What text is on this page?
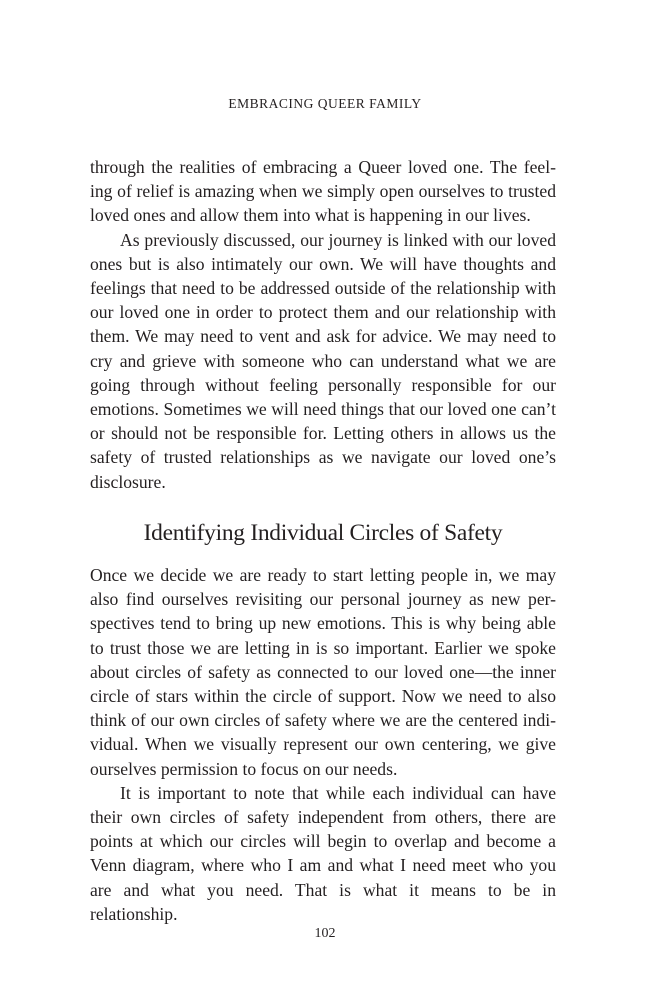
EMBRACING QUEER FAMILY

through the realities of embracing a Queer loved one. The feel-ing of relief is amazing when we simply open ourselves to trusted loved ones and allow them into what is happening in our lives.

As previously discussed, our journey is linked with our loved ones but is also intimately our own. We will have thoughts and feelings that need to be addressed outside of the relationship with our loved one in order to protect them and our relationship with them. We may need to vent and ask for advice. We may need to cry and grieve with someone who can understand what we are going through without feeling personally responsible for our emotions. Sometimes we will need things that our loved one can’t or should not be responsible for. Letting others in allows us the safety of trusted relationships as we navigate our loved one’s disclosure.

Identifying Individual Circles of Safety

Once we decide we are ready to start letting people in, we may also find ourselves revisiting our personal journey as new per-spectives tend to bring up new emotions. This is why being able to trust those we are letting in is so important. Earlier we spoke about circles of safety as connected to our loved one—the inner circle of stars within the circle of support. Now we need to also think of our own circles of safety where we are the centered indi-vidual. When we visually represent our own centering, we give ourselves permission to focus on our needs.

It is important to note that while each individual can have their own circles of safety independent from others, there are points at which our circles will begin to overlap and become a Venn diagram, where who I am and what I need meet who you are and what you need. That is what it means to be in relationship.

102
